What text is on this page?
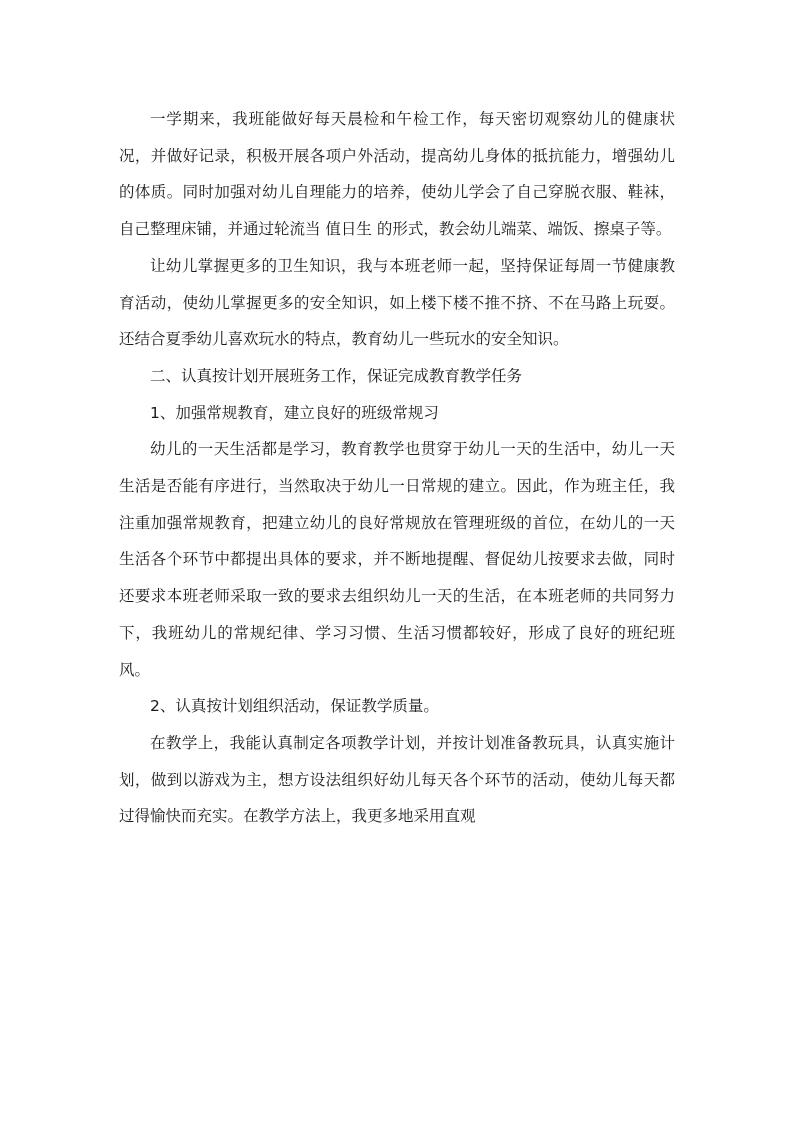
一学期来，我班能做好每天晨检和午检工作，每天密切观察幼儿的健康状况，并做好记录，积极开展各项户外活动，提高幼儿身体的抵抗能力，增强幼儿的体质。同时加强对幼儿自理能力的培养，使幼儿学会了自己穿脱衣服、鞋袜，自己整理床铺，并通过轮流当 值日生 的形式，教会幼儿端菜、端饭、擦桌子等。

让幼儿掌握更多的卫生知识，我与本班老师一起，坚持保证每周一节健康教育活动，使幼儿掌握更多的安全知识，如上楼下楼不推不挤、不在马路上玩耍。还结合夏季幼儿喜欢玩水的特点，教育幼儿一些玩水的安全知识。

二、认真按计划开展班务工作，保证完成教育教学任务

1、加强常规教育，建立良好的班级常规习

幼儿的一天生活都是学习，教育教学也贯穿于幼儿一天的生活中，幼儿一天生活是否能有序进行，当然取决于幼儿一日常规的建立。因此，作为班主任，我注重加强常规教育，把建立幼儿的良好常规放在管理班级的首位，在幼儿的一天生活各个环节中都提出具体的要求，并不断地提醒、督促幼儿按要求去做，同时还要求本班老师采取一致的要求去组织幼儿一天的生活，在本班老师的共同努力下，我班幼儿的常规纪律、学习习惯、生活习惯都较好，形成了良好的班纪班风。

2、认真按计划组织活动，保证教学质量。

在教学上，我能认真制定各项教学计划，并按计划准备教玩具，认真实施计划，做到以游戏为主，想方设法组织好幼儿每天各个环节的活动，使幼儿每天都过得愉快而充实。在教学方法上，我更多地采用直观
